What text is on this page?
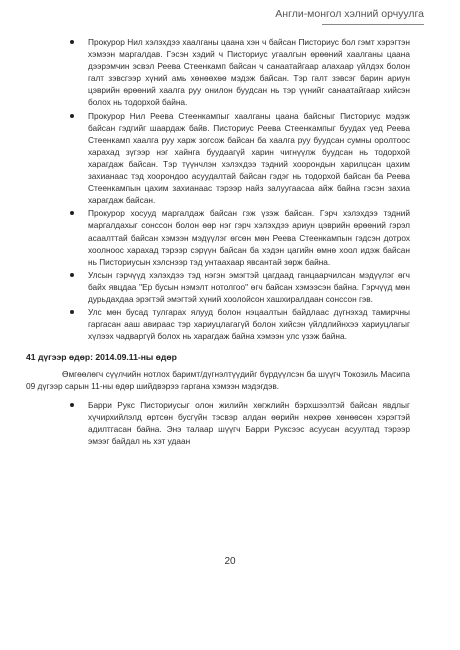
Англи-монгол хэлний орчуулга
Прокурор Нил хэлэхдээ хаалганы цаана хэн ч байсан Писториус бол гэмт хэрэгтэн хэмээн маргалдав. Гэсэн хэдий ч Писториус угаалгын өрөөний хаалганы цаана дээрэмчин эсвэл Реева Стеенкамп байсан ч санаатайгаар алахаар үйлдэх болон галт зэвсгээр хүний амь хөнөөхөө мэдэж байсан. Тэр галт зэвсэг барин ариун цэврийн өрөөний хаалга руу онилон буудсан нь тэр үүнийг санаатайгаар хийсэн болох нь тодорхой байна.
Прокурор Нил Реева Стеенкампыг хаалганы цаана байсныг Писториус мэдэж байсан гэдгийг шаардаж байв. Писториус Реева Стеенкампыг буудах үед Реева Стеенкамп хаалга руу харж зогсож байсан ба хаалга руу буудсан сумны оролтоос харахад зүгээр нэг хайнга буудаагүй харин чигнүүлж буудсан нь тодорхой харагдаж байсан. Тэр түүнчлэн хэлэхдээ тэдний хоорондын харилцсан цахим захианаас тэд хоорондоо асуудалтай байсан гэдэг нь тодорхой байсан ба Реева Стеенкампын цахим захианаас тэрээр найз залуугаасаа айж байна гэсэн захиа харагдаж байсан.
Прокурор хосууд маргалдаж байсан гэж үзэж байсан. Гэрч хэлэхдээ тэдний маргалдахыг сонссон болон өөр нэг гэрч хэлэхдээ ариун цэврийн өрөөний гэрэл асаалттай байсан хэмээн мэдүүлэг өгсөн мөн Реева Стеенкампын гэдсэн дотрох хоолноос харахад тэрээр сэрүүн байсан ба хэдэн цагийн өмнө хоол идэж байсан нь Писториусын хэлснээр тэд унтаахаар явсантай зөрж байна.
Улсын гэрчүүд хэлэхдээ тэд нэгэн эмэгтэй цагдаад ганцаарчилсан мэдүүлэг өгч байх явцдаа "Ер бусын нэмэлт нотолгоо" өгч байсан хэмээсэн байна. Гэрчүүд мөн дурьдахдаа эрэгтэй эмэгтэй хүний хоолойсон хашхиралдаан сонссон гэв.
Улс мөн бусад тулгарах ялууд болон нэцаалтын байдлаас дүгнэхэд тамирчны гаргасан ааш авираас тэр хариуцлагагүй болон хийсэн үйлдлийнхээ хариуцлагыг хүлээх чадваргүй болох нь харагдаж байна хэмээн улс үзэж байна.
41 дүгээр өдөр: 2014.09.11-ны өдөр
Өмгөөлөгч сүүлчийн нотлох баримт/дүгнэлтүүдийг бүрдүүлсэн ба шүүгч Токозиль Масипа 09 дүгээр сарын 11-ны өдөр шийдвэрээ гаргана хэмээн мэдэгдэв.
Барри Рукс Писториусыг олон жилийн хөгжлийн бэрхшээлтэй байсан явдлыг хүчирхийлэлд өртсөн бусгүйн тэсвэр алдан өөрийн нөхрөө хөнөөсөн хэрэгтэй адилтгасан байна. Энэ талаар шүүгч Барри Руксээс асуусан асуултад тэрээр эмээг байдал нь хэт удаан
20
